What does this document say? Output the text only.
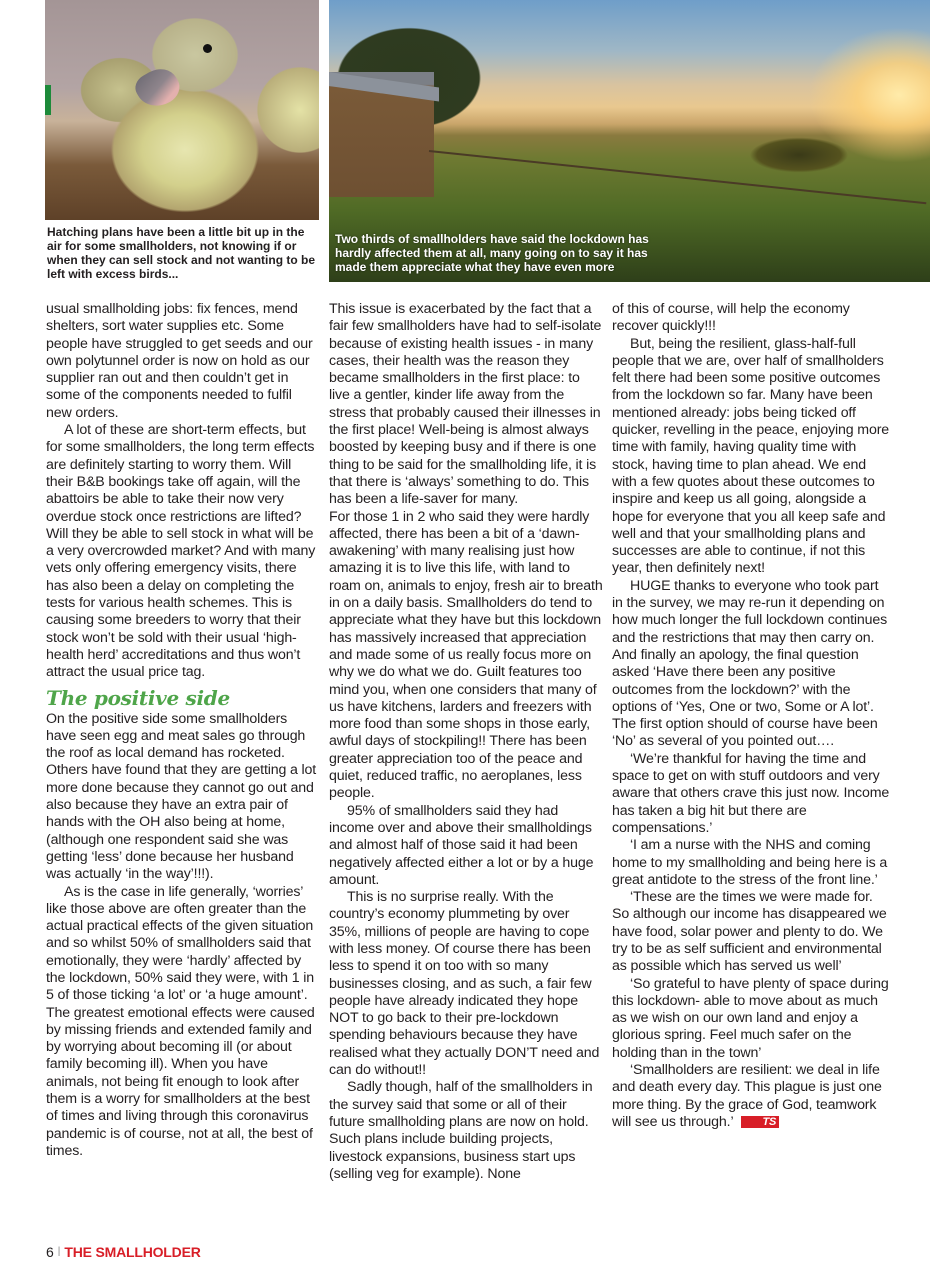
Two thirds of smallholders have said the lockdown has hardly affected them at all, many going on to say it has made them appreciate what they have even more
Hatching plans have been a little bit up in the air for some smallholders, not knowing if or when they can sell stock and not wanting to be left with excess birds...

usual smallholding jobs: fix fences, mend shelters, sort water supplies etc. Some people have struggled to get seeds and our own polytunnel order is now on hold as our supplier ran out and then couldn’t get in some of the components needed to fulfil new orders.

A lot of these are short-term effects, but for some smallholders, the long term effects are definitely starting to worry them. Will their B&B bookings take off again, will the abattoirs be able to take their now very overdue stock once restrictions are lifted? Will they be able to sell stock in what will be a very overcrowded market? And with many vets only offering emergency visits, there has also been a delay on completing the tests for various health schemes. This is causing some breeders to worry that their stock won’t be sold with their usual ‘high-health herd’ accreditations and thus won’t attract the usual price tag.

The positive side

On the positive side some smallholders have seen egg and meat sales go through the roof as local demand has rocketed. Others have found that they are getting a lot more done because they cannot go out and also because they have an extra pair of hands with the OH also being at home, (although one respondent said she was getting ‘less’ done because her husband was actually ‘in the way’!!!).

As is the case in life generally, ‘worries’ like those above are often greater than the actual practical effects of the given situation and so whilst 50% of smallholders said that emotionally, they were ‘hardly’ affected by the lockdown, 50% said they were, with 1 in 5 of those ticking ‘a lot’ or ‘a huge amount’. The greatest emotional effects were caused by missing friends and extended family and by worrying about becoming ill (or about family becoming ill). When you have animals, not being fit enough to look after them is a worry for smallholders at the best of times and living through this coronavirus pandemic is of course, not at all, the best of times.

This issue is exacerbated by the fact that a fair few smallholders have had to self-isolate because of existing health issues - in many cases, their health was the reason they became smallholders in the first place: to live a gentler, kinder life away from the stress that probably caused their illnesses in the first place! Well-being is almost always boosted by keeping busy and if there is one thing to be said for the smallholding life, it is that there is ‘always’ something to do. This has been a life-saver for many.

For those 1 in 2 who said they were hardly affected, there has been a bit of a ‘dawn-awakening’ with many realising just how amazing it is to live this life, with land to roam on, animals to enjoy, fresh air to breath in on a daily basis. Smallholders do tend to appreciate what they have but this lockdown has massively increased that appreciation and made some of us really focus more on why we do what we do. Guilt features too mind you, when one considers that many of us have kitchens, larders and freezers with more food than some shops in those early, awful days of stockpiling!! There has been greater appreciation too of the peace and quiet, reduced traffic, no aeroplanes, less people.

95% of smallholders said they had income over and above their smallholdings and almost half of those said it had been negatively affected either a lot or by a huge amount.

This is no surprise really. With the country’s economy plummeting by over 35%, millions of people are having to cope with less money. Of course there has been less to spend it on too with so many businesses closing, and as such, a fair few people have already indicated they hope NOT to go back to their pre-lockdown spending behaviours because they have realised what they actually DON’T need and can do without!!

Sadly though, half of the smallholders in the survey said that some or all of their future smallholding plans are now on hold. Such plans include building projects, livestock expansions, business start ups (selling veg for example). None

of this of course, will help the economy recover quickly!!!

But, being the resilient, glass-half-full people that we are, over half of smallholders felt there had been some positive outcomes from the lockdown so far. Many have been mentioned already: jobs being ticked off quicker, revelling in the peace, enjoying more time with family, having quality time with stock, having time to plan ahead. We end with a few quotes about these outcomes to inspire and keep us all going, alongside a hope for everyone that you all keep safe and well and that your smallholding plans and successes are able to continue, if not this year, then definitely next!

HUGE thanks to everyone who took part in the survey, we may re-run it depending on how much longer the full lockdown continues and the restrictions that may then carry on.

And finally an apology, the final question asked ‘Have there been any positive outcomes from the lockdown?’ with the options of ‘Yes, One or two, Some or A lot’. The first option should of course have been ‘No’ as several of you pointed out….

‘We’re thankful for having the time and space to get on with stuff outdoors and very aware that others crave this just now. Income has taken a big hit but there are compensations.’

‘I am a nurse with the NHS and coming home to my smallholding and being here is a great antidote to the stress of the front line.’

‘These are the times we were made for. So although our income has disappeared we have food, solar power and plenty to do. We try to be as self sufficient and environmental as possible which has served us well’

‘So grateful to have plenty of space during this lockdown- able to move about as much as we wish on our own land and enjoy a glorious spring. Feel much safer on the holding than in the town’

‘Smallholders are resilient: we deal in life and death every day. This plague is just one more thing. By the grace of God, teamwork will see us through.’	TS

6 | THE SMALLHOLDER
